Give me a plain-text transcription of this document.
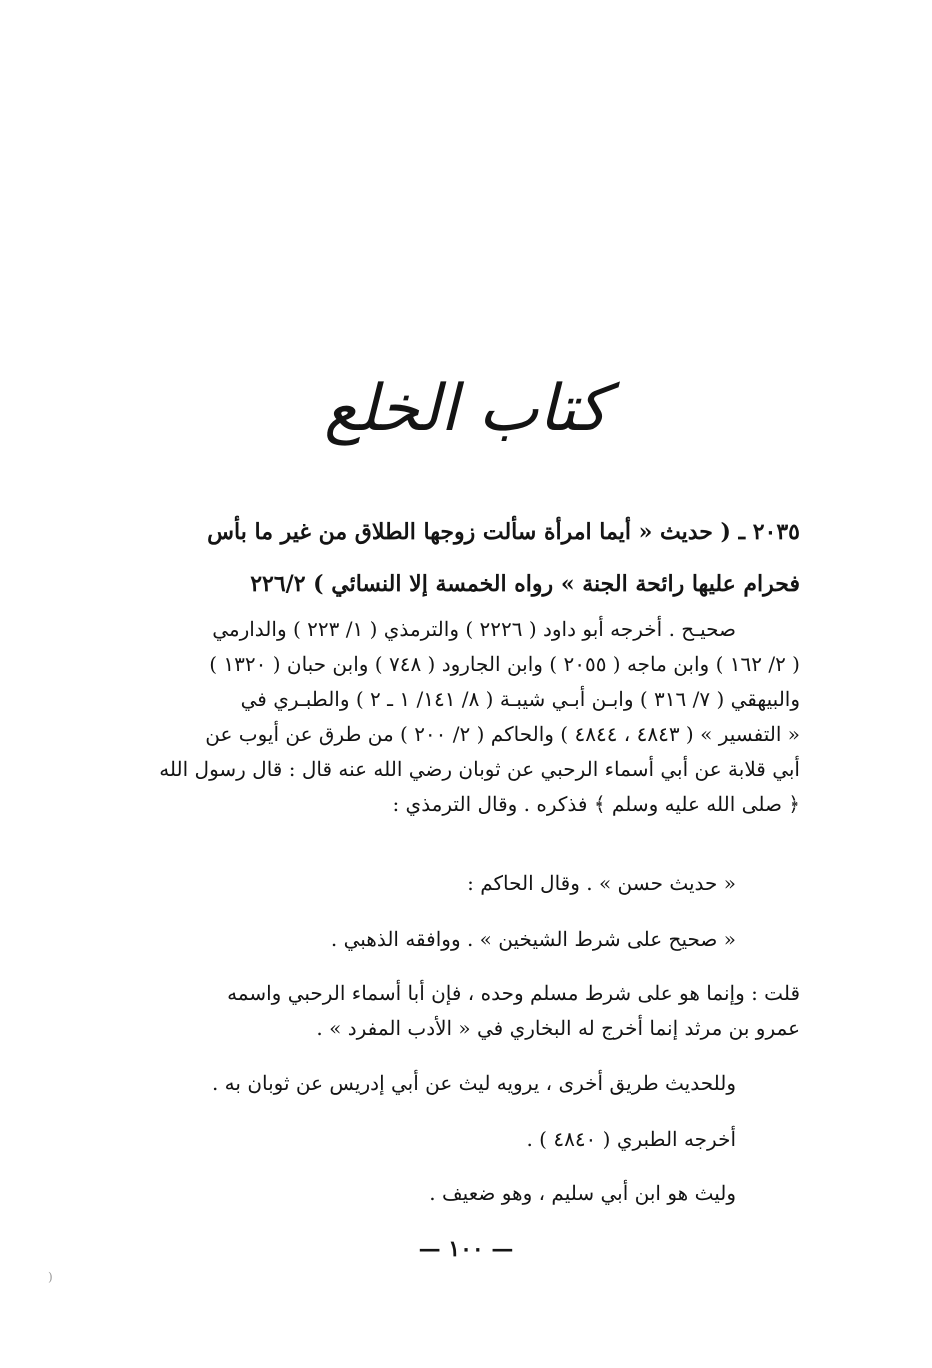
كتاب الخلع
٢٠٣٥ ـ ( حديث « أيما امرأة سألت زوجها الطلاق من غير ما بأس
فحرام عليها رائحة الجنة » رواه الخمسة إلا النسائي ) ٢٢٦/٢
صحيـح . أخرجه أبو داود ( ٢٢٢٦ ) والترمذي ( ١/ ٢٢٣ ) والدارمي
( ٢/ ١٦٢ ) وابن ماجه ( ٢٠٥٥ ) وابن الجارود ( ٧٤٨ ) وابن حبان ( ١٣٢٠ )
والبيهقي ( ٧/ ٣١٦ ) وابـن أبـي شيبـة ( ٨/ ١٤١/ ١ ـ ٢ ) والطبـري في
« التفسير » ( ٤٨٤٣ ، ٤٨٤٤ ) والحاكم ( ٢/ ٢٠٠ ) من طرق عن أيوب عن
أبي قلابة عن أبي أسماء الرحبي عن ثوبان رضي الله عنه قال : قال رسول الله
﴿ صلى الله عليه وسلم ﴾ فذكره . وقال الترمذي :
« حديث حسن » . وقال الحاكم :
« صحيح على شرط الشيخين » . ووافقه الذهبي .
قلت : وإنما هو على شرط مسلم وحده ، فإن أبا أسماء الرحبي واسمه
عمرو بن مرثد إنما أخرج له البخاري في « الأدب المفرد » .
وللحديث طريق أخرى ، يرويه ليث عن أبي إدريس عن ثوبان به .
أخرجه الطبري ( ٤٨٤٠ ) .
وليث هو ابن أبي سليم ، وهو ضعيف .
— ١٠٠ —
(
